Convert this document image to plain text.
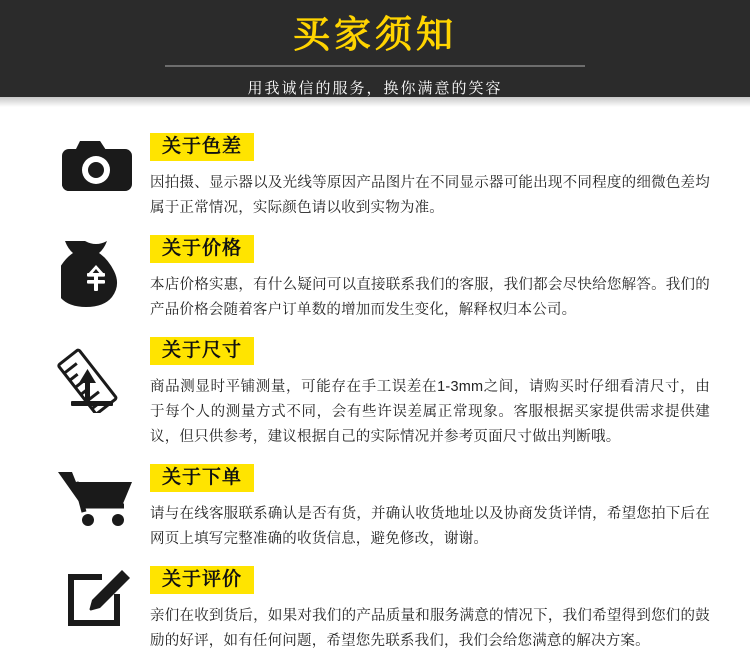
买家须知
用我诚信的服务，换你满意的笑容
关于色差
因拍摄、显示器以及光线等原因产品图片在不同显示器可能出现不同程度的细微色差均属于正常情况，实际颜色请以收到实物为准。
关于价格
本店价格实惠，有什么疑问可以直接联系我们的客服，我们都会尽快给您解答。我们的产品价格会随着客户订单数的增加而发生变化，解释权归本公司。
关于尺寸
商品测显时平铺测量，可能存在手工误差在1-3mm之间，请购买时仔细看清尺寸，由于每个人的测量方式不同，会有些许误差属正常现象。客服根据买家提供需求提供建议，但只供参考，建议根据自己的实际情况并参考页面尺寸做出判断哦。
关于下单
请与在线客服联系确认是否有货，并确认收货地址以及协商发货详情，希望您拍下后在网页上填写完整准确的收货信息，避免修改，谢谢。
关于评价
亲们在收到货后，如果对我们的产品质量和服务满意的情况下，我们希望得到您们的鼓励的好评，如有任何问题，希望您先联系我们，我们会给您满意的解决方案。
